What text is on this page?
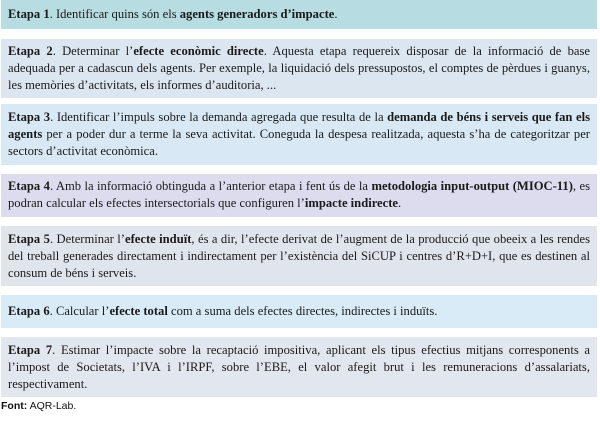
Etapa 1. Identificar quins són els agents generadors d’impacte.
Etapa 2. Determinar l’efecte econòmic directe. Aquesta etapa requereix disposar de la informació de base adequada per a cadascun dels agents. Per exemple, la liquidació dels pressupostos, el comptes de pèrdues i guanys, les memòries d’activitats, els informes d’auditoria, ...
Etapa 3. Identificar l’impuls sobre la demanda agregada que resulta de la demanda de béns i serveis que fan els agents per a poder dur a terme la seva activitat. Coneguda la despesa realitzada, aquesta s’ha de categoritzar per sectors d’activitat econòmica.
Etapa 4. Amb la informació obtinguda a l’anterior etapa i fent ús de la metodologia input-output (MIOC-11), es podran calcular els efectes intersectorials que configuren l’impacte indirecte.
Etapa 5. Determinar l’efecte induït, és a dir, l’efecte derivat de l’augment de la producció que obeeix a les rendes del treball generades directament i indirectament per l’existència del SiCUP i centres d’R+D+I, que es destinen al consum de béns i serveis.
Etapa 6. Calcular l’efecte total com a suma dels efectes directes, indirectes i induïts.
Etapa 7. Estimar l’impacte sobre la recaptació impositiva, aplicant els tipus efectius mitjans corresponents a l’impost de Societats, l’IVA i l’IRPF, sobre l’EBE, el valor afegit brut i les remuneracions d’assalariats, respectivament.
Font: AQR-Lab.
